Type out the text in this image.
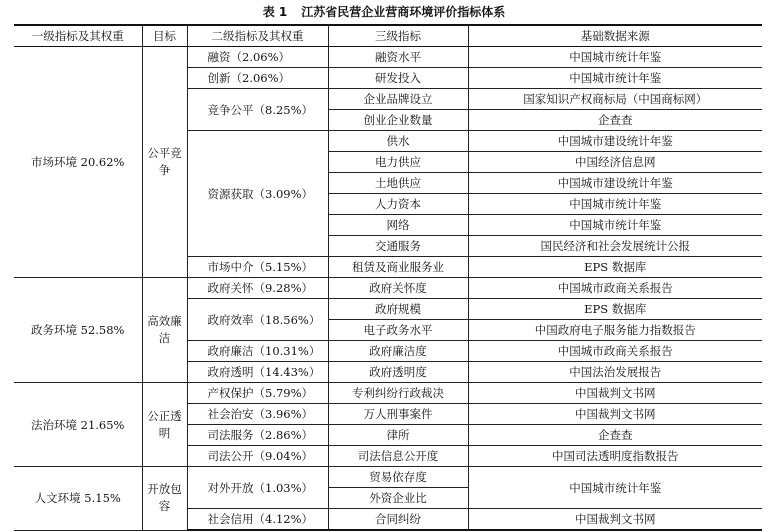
表 1 江苏省民营企业营商环境评价指标体系
一级指标及其权重	目标	二级指标及其权重	三级指标	基础数据来源
市场环境 20.62%	公平竞争	融资（2.06%）	融资水平	中国城市统计年鉴
		创新（2.06%）	研发投入	中国城市统计年鉴
		竞争公平（8.25%）	企业品牌设立	国家知识产权商标局（中国商标网）
			创业企业数量	企查查
		资源获取（3.09%）	供水	中国城市建设统计年鉴
			电力供应	中国经济信息网
			土地供应	中国城市建设统计年鉴
			人力资本	中国城市统计年鉴
			网络	中国城市统计年鉴
			交通服务	国民经济和社会发展统计公报
		市场中介（5.15%）	租赁及商业服务业	EPS 数据库
政务环境 52.58%	高效廉洁	政府关怀（9.28%）	政府关怀度	中国城市政商关系报告
		政府效率（18.56%）	政府规模	EPS 数据库
			电子政务水平	中国政府电子服务能力指数报告
		政府廉洁（10.31%）	政府廉洁度	中国城市政商关系报告
		政府透明（14.43%）	政府透明度	中国法治发展报告
法治环境 21.65%	公正透明	产权保护（5.79%）	专利纠纷行政裁决	中国裁判文书网
		社会治安（3.96%）	万人刑事案件	中国裁判文书网
		司法服务（2.86%）	律所	企查查
		司法公开（9.04%）	司法信息公开度	中国司法透明度指数报告
人文环境 5.15%	开放包容	对外开放（1.03%）	贸易依存度	中国城市统计年鉴
			外资企业比	
		社会信用（4.12%）	合同纠纷	中国裁判文书网
